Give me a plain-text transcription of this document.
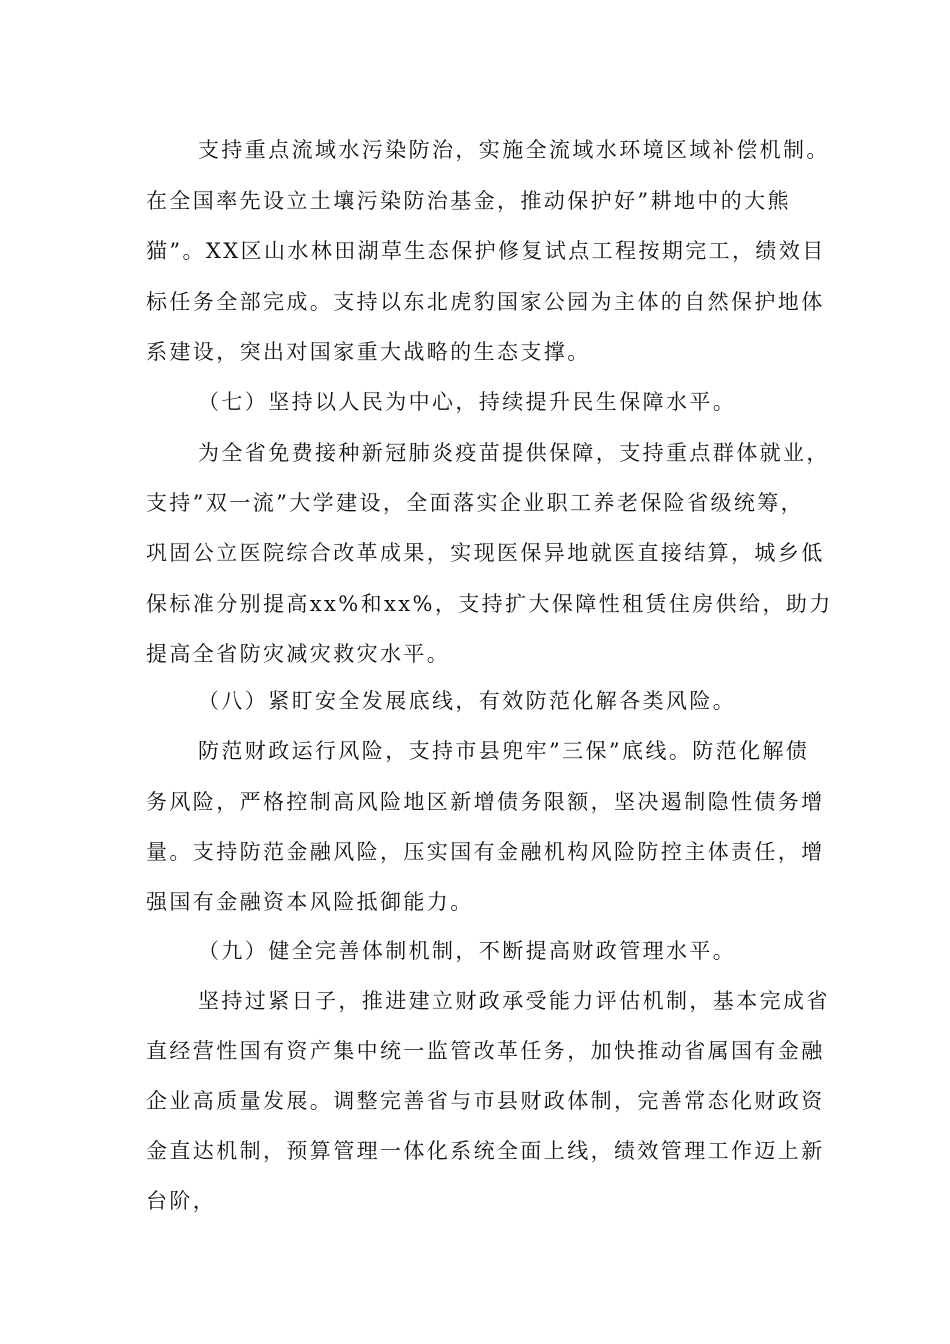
支持重点流域水污染防治，实施全流域水环境区域补偿机制。
在全国率先设立土壤污染防治基金，推动保护好”耕地中的大熊
猫”。XX区山水林田湖草生态保护修复试点工程按期完工，绩效目
标任务全部完成。支持以东北虎豹国家公园为主体的自然保护地体
系建设，突出对国家重大战略的生态支撑。
（七）坚持以人民为中心，持续提升民生保障水平。
为全省免费接种新冠肺炎疫苗提供保障，支持重点群体就业，
支持”双一流”大学建设，全面落实企业职工养老保险省级统筹，
巩固公立医院综合改革成果，实现医保异地就医直接结算，城乡低
保标准分别提高xx%和xx%，支持扩大保障性租赁住房供给，助力
提高全省防灾减灾救灾水平。
（八）紧盯安全发展底线，有效防范化解各类风险。
防范财政运行风险，支持市县兜牢”三保”底线。防范化解债
务风险，严格控制高风险地区新增债务限额，坚决遏制隐性债务增
量。支持防范金融风险，压实国有金融机构风险防控主体责任，增
强国有金融资本风险抵御能力。
（九）健全完善体制机制，不断提高财政管理水平。
坚持过紧日子，推进建立财政承受能力评估机制，基本完成省
直经营性国有资产集中统一监管改革任务，加快推动省属国有金融
企业高质量发展。调整完善省与市县财政体制，完善常态化财政资
金直达机制，预算管理一体化系统全面上线，绩效管理工作迈上新
台阶，
